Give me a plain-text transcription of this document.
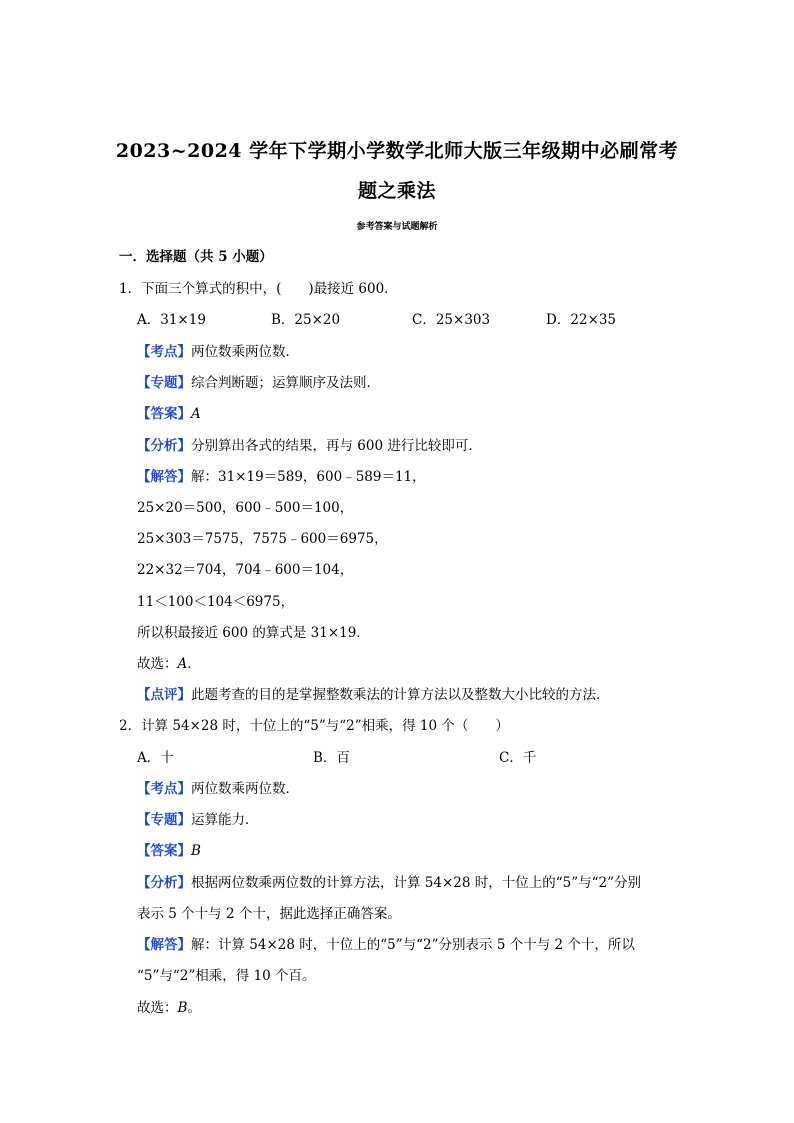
2023~2024 学年下学期小学数学北师大版三年级期中必刷常考
题之乘法
参考答案与试题解析
一．选择题（共 5 小题）
1．下面三个算式的积中，(　　)最接近 600．
A．31×19	B．25×20	C．25×303	D．22×35
【考点】两位数乘两位数．
【专题】综合判断题；运算顺序及法则．
【答案】A
【分析】分别算出各式的结果，再与 600 进行比较即可．
【解答】解：31×19＝589，600﹣589＝11，
25×20＝500，600﹣500＝100，
25×303＝7575，7575﹣600＝6975，
22×32＝704，704﹣600＝104，
11＜100＜104＜6975，
所以积最接近 600 的算式是 31×19．
故选：A．
【点评】此题考查的目的是掌握整数乘法的计算方法以及整数大小比较的方法．
2．计算 54×28 时，十位上的“5”与“2”相乘，得 10 个（　　）
A．十	B．百	C．千
【考点】两位数乘两位数．
【专题】运算能力．
【答案】B
【分析】根据两位数乘两位数的计算方法，计算 54×28 时，十位上的“5”与“2”分别
表示 5 个十与 2 个十，据此选择正确答案。
【解答】解：计算 54×28 时，十位上的“5”与“2”分别表示 5 个十与 2 个十，所以
“5”与“2”相乘，得 10 个百。
故选：B。
